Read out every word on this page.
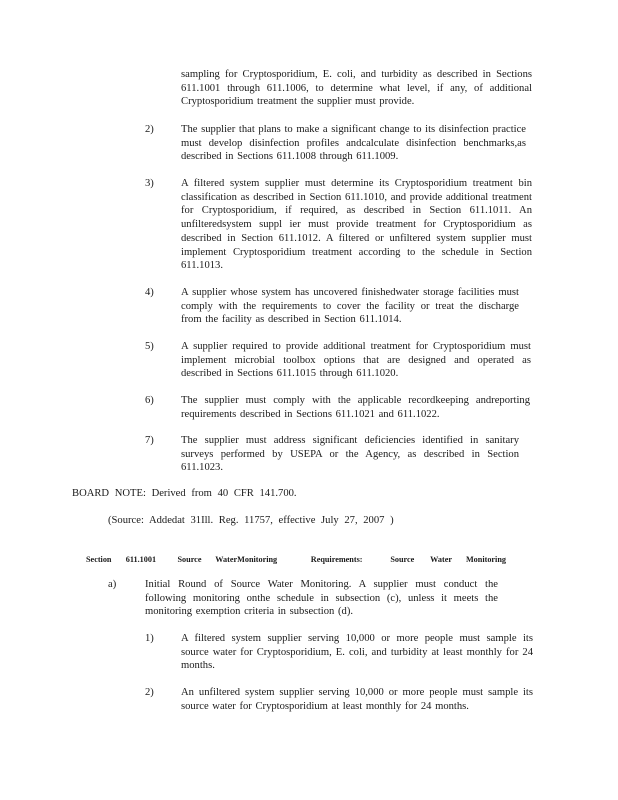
sampling for Cryptosporidium, E. coli, and turbidity as described in Sections 611.1001 through 611.1006, to determine what level, if any, of additional Cryptosporidium treatment the supplier must provide.
2)	The supplier that plans to make a significant change to its disinfection practice must develop disinfection profiles andcalculate disinfection benchmarks,as described in Sections 611.1008 through 611.1009.
3)	A filtered system supplier must determine its Cryptosporidium treatment bin classification as described in Section 611.1010, and provide additional treatment for Cryptosporidium, if required, as described in Section 611.1011. An unfilteredsystem suppl ier must provide treatment for Cryptosporidium as described in Section 611.1012. A filtered or unfiltered system supplier must implement Cryptosporidium treatment according to the schedule in Section 611.1013.
4)	A supplier whose system has uncovered finishedwater storage facilities must comply with the requirements to cover the facility or treat the discharge from the facility as described in Section 611.1014.
5)	A supplier required to provide additional treatment for Cryptosporidium must implement microbial toolbox options that are designed and operated as described in Sections 611.1015 through 611.1020.
6)	The supplier must comply with the applicable recordkeeping andreporting requirements described in Sections 611.1021 and 611.1022.
7)	The supplier must address significant deficiencies identified in sanitary surveys performed by USEPA or the Agency, as described in Section 611.1023.
BOARD NOTE: Derived from 40 CFR 141.700.
(Source: Addedat 31Ill. Reg. 11757, effective July 27, 2007 )
Section	611.1001	Source	WaterMonitoring	Requirements:	Source	Water	Monitoring
a)	Initial Round of Source Water Monitoring. A supplier must conduct the following monitoring onthe schedule in subsection (c), unless it meets the monitoring exemption criteria in subsection (d).
1)	A filtered system supplier serving 10,000 or more people must sample its source water for Cryptosporidium, E. coli, and turbidity at least monthly for 24 months.
2)	An unfiltered system supplier serving 10,000 or more people must sample its source water for Cryptosporidium at least monthly for 24 months.
